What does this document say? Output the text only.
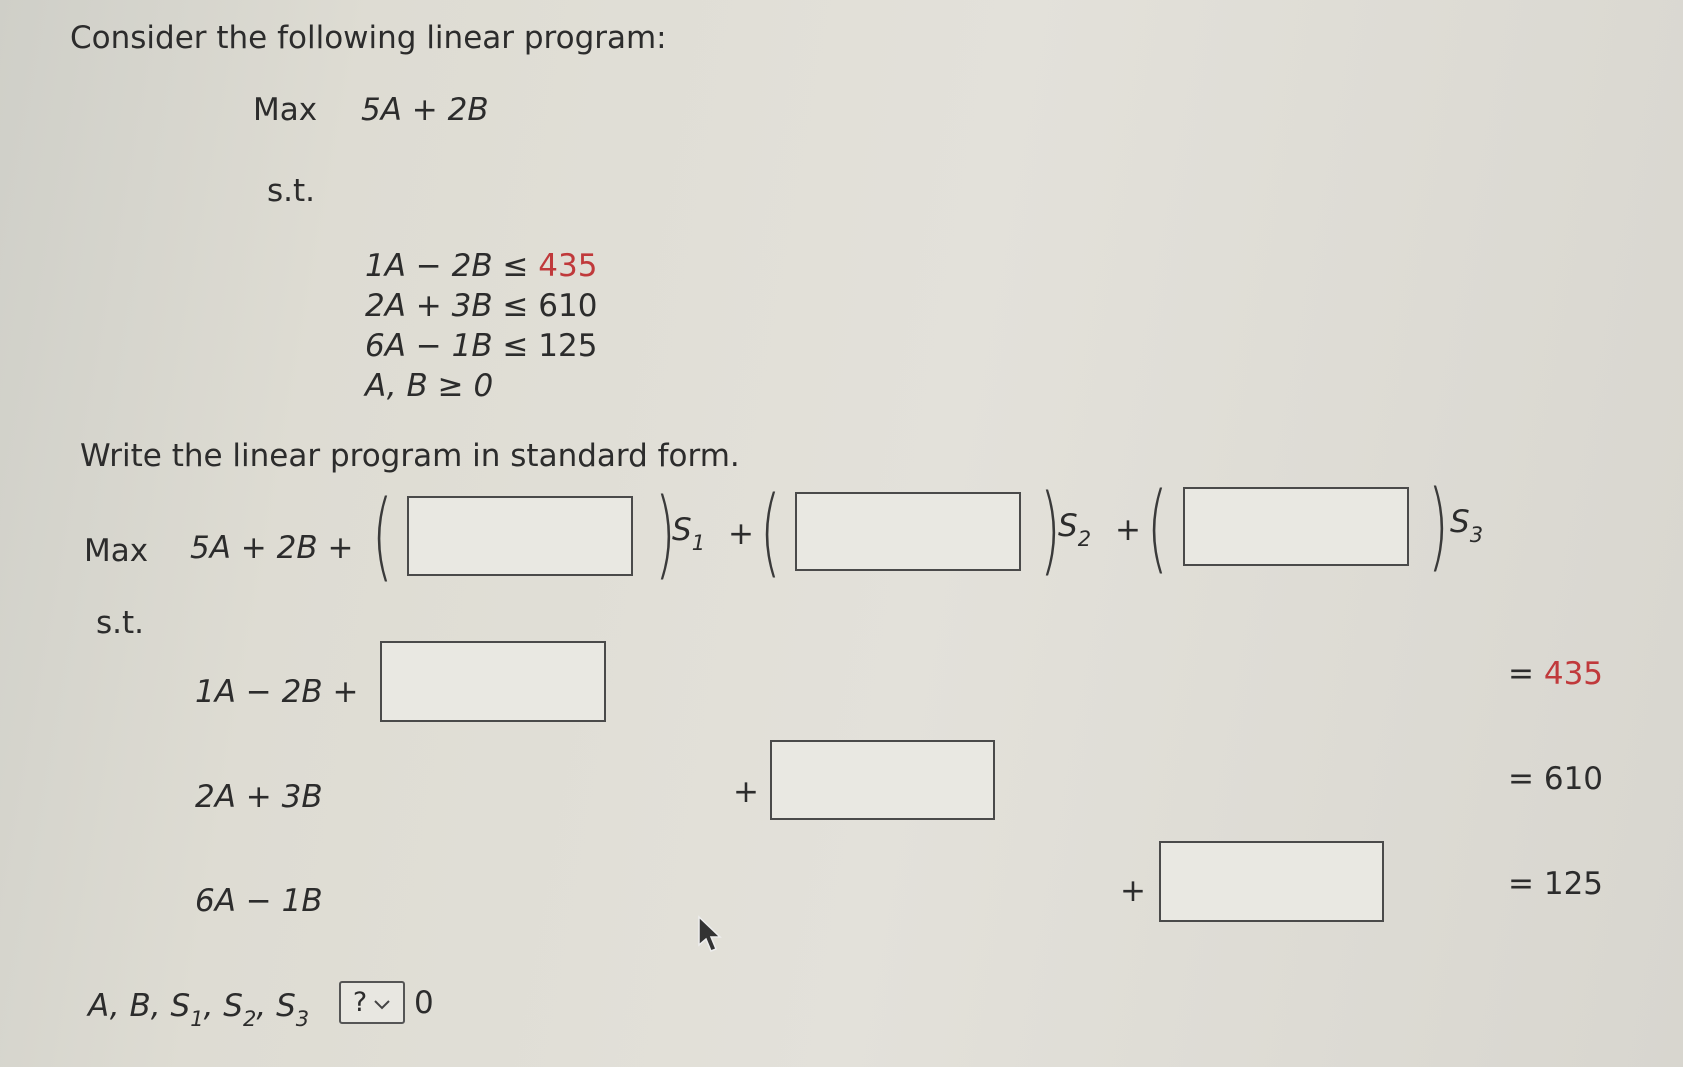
Consider the following linear program:
Max 5A + 2B
s.t.
1A − 2B ≤ 435
2A + 3B ≤ 610
6A − 1B ≤ 125
A, B ≥ 0
Write the linear program in standard form.
Max 5A + 2B + (	)
$S_1$ + (	)
$S_2$ + (	) $S_3$
s.t.
1A − 2B +	= 435
2A + 3B	+	= 610
6A − 1B	+	= 125
A, B, $S_1$, $S_2$, $S_3$
? 0
